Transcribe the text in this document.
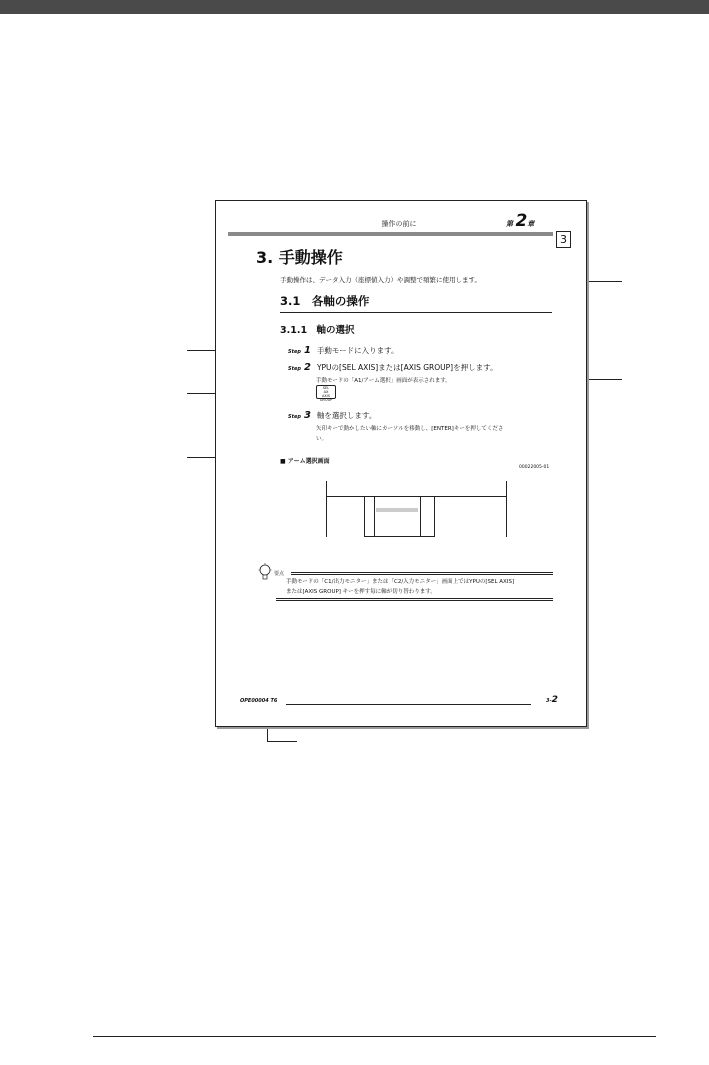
操作の前に	第 2章
3
3. 手動操作
手動操作は、データ入力（座標値入力）や調整で頻繁に使用します。
3.1　各軸の操作
3.1.1　軸の選択
Step 1 手動モードに入ります。
Step 2 YPUの[SEL AXIS]または[AXIS GROUP]を押します。
手動モードの「A1/アーム選択」画面が表示されます。
SEL
AX
AXIS
GROUP
Step 3 軸を選択します。
矢印キーで動かしたい軸にカーソルを移動し、[ENTER]キーを押してくださ
い。
■ アーム選択画面
00022005-01
要点
手動モードの「C1/出力モニター」または「C2/入力モニター」画面上ではYPUの[SEL AXIS]
または[AXIS GROUP] キーを押す毎に軸が切り替わります。
OPE00004 T6	3-2
